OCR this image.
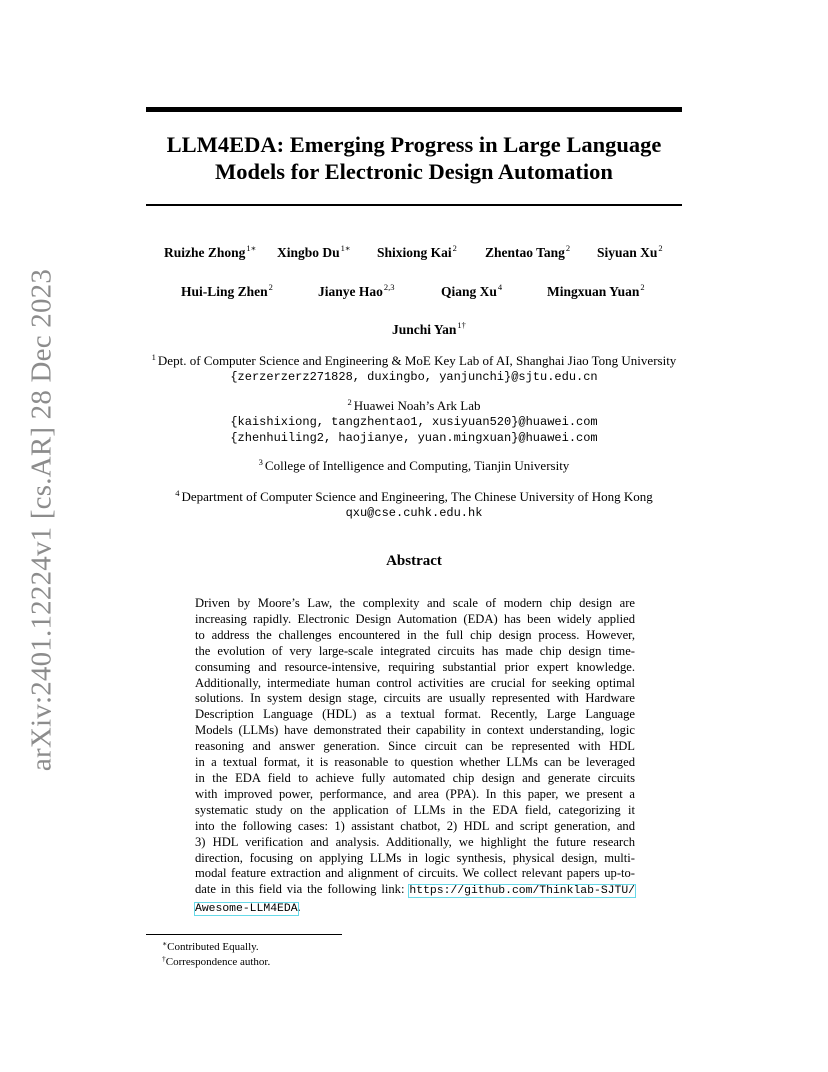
arXiv:2401.12224v1 [cs.AR] 28 Dec 2023
LLM4EDA: Emerging Progress in Large Language
Models for Electronic Design Automation
Ruizhe Zhong$^{1∗}$ Xingbo $Du^{1∗}$ Shixiong Kai$^2$ Zhentao Tang$^2$ Siyuan Xu$^2$
Hui-Ling Zhen$^2$	Jianye Hao$^{2,3}$	Qiang Xu$^4$	Mingxuan Yuan$^2$
Junchi Yan$^{1\dagger}$
$^1$ Dept. of Computer Science and Engineering & MoE Key Lab of AI, Shanghai Jiao Tong University
{zerzerzerz271828, duxingbo, yanjunchi}@sjtu.edu.cn
$^2$ Huawei Noah’s Ark Lab
{kaishixiong, tangzhentao1, xusiyuan520}@huawei.com
{zhenhuiling2, haojianye, yuan.mingxuan}@huawei.com
$^3$ College of Intelligence and Computing, Tianjin University
$^4$ Department of Computer Science and Engineering, The Chinese University of Hong Kong
qxu@cse.cuhk.edu.hk
Abstract
Driven by Moore’s Law, the complexity and scale of modern chip design are
increasing rapidly. Electronic Design Automation (EDA) has been widely applied
to address the challenges encountered in the full chip design process. However,
the evolution of very large-scale integrated circuits has made chip design time-
consuming and resource-intensive, requiring substantial prior expert knowledge.
Additionally, intermediate human control activities are crucial for seeking optimal
solutions. In system design stage, circuits are usually represented with Hardware
Description Language (HDL) as a textual format. Recently, Large Language
Models (LLMs) have demonstrated their capability in context understanding, logic
reasoning and answer generation. Since circuit can be represented with HDL
in a textual format, it is reasonable to question whether LLMs can be leveraged
in the EDA field to achieve fully automated chip design and generate circuits
with improved power, performance, and area (PPA). In this paper, we present a
systematic study on the application of LLMs in the EDA field, categorizing it
into the following cases: 1) assistant chatbot, 2) HDL and script generation, and
3) HDL verification and analysis. Additionally, we highlight the future research
direction, focusing on applying LLMs in logic synthesis, physical design, multi-
modal feature extraction and alignment of circuits. We collect relevant papers up-to-
date in this field via the following link: https://github.com/Thinklab-SJTU/
Awesome-LLM4EDA.
∗Contributed Equally.
†Correspondence author.
